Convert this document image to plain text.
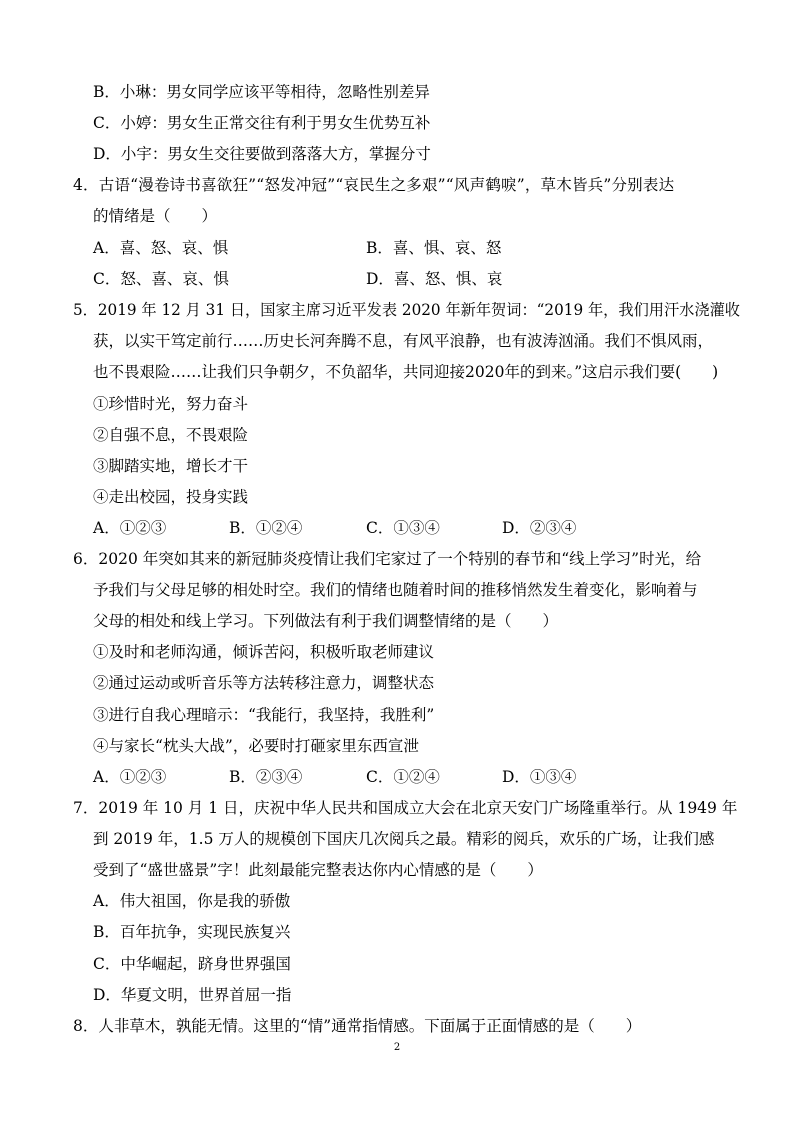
B．小琳：男女同学应该平等相待，忽略性别差异
C．小婷：男女生正常交往有利于男女生优势互补
D．小宇：男女生交往要做到落落大方，掌握分寸
4．古语“漫卷诗书喜欲狂”“怒发冲冠”“哀民生之多艰”“风声鹤唳”，草木皆兵”分别表达
的情绪是（　　）
A．喜、怒、哀、惧	B．喜、惧、哀、怒
C．怒、喜、哀、惧	D．喜、怒、惧、哀
5．2019 年 12 月 31 日，国家主席习近平发表 2020 年新年贺词：“2019 年，我们用汗水浇灌收
获，以实干笃定前行……历史长河奔腾不息，有风平浪静，也有波涛汹涌。我们不惧风雨，
也不畏艰险……让我们只争朝夕，不负韶华，共同迎接2020年的到来。”这启示我们要(　　)
①珍惜时光，努力奋斗
②自强不息，不畏艰险
③脚踏实地，增长才干
④走出校园，投身实践
A．①②③	B．①②④	C．①③④	D．②③④
6．2020 年突如其来的新冠肺炎疫情让我们宅家过了一个特别的春节和“线上学习”时光，给
予我们与父母足够的相处时空。我们的情绪也随着时间的推移悄然发生着变化，影响着与
父母的相处和线上学习。下列做法有利于我们调整情绪的是（　　）
①及时和老师沟通，倾诉苦闷，积极听取老师建议
②通过运动或听音乐等方法转移注意力，调整状态
③进行自我心理暗示：“我能行，我坚持，我胜利”
④与家长“枕头大战”，必要时打砸家里东西宣泄
A．①②③	B．②③④	C．①②④	D．①③④
7．2019 年 10 月 1 日，庆祝中华人民共和国成立大会在北京天安门广场隆重举行。从 1949 年
到 2019 年，1.5 万人的规模创下国庆几次阅兵之最。精彩的阅兵，欢乐的广场，让我们感
受到了“盛世盛景”字！此刻最能完整表达你内心情感的是（　　）
A．伟大祖国，你是我的骄傲
B．百年抗争，实现民族复兴
C．中华崛起，跻身世界强国
D．华夏文明，世界首屈一指
8．人非草木，孰能无情。这里的“情”通常指情感。下面属于正面情感的是（　　）
2
